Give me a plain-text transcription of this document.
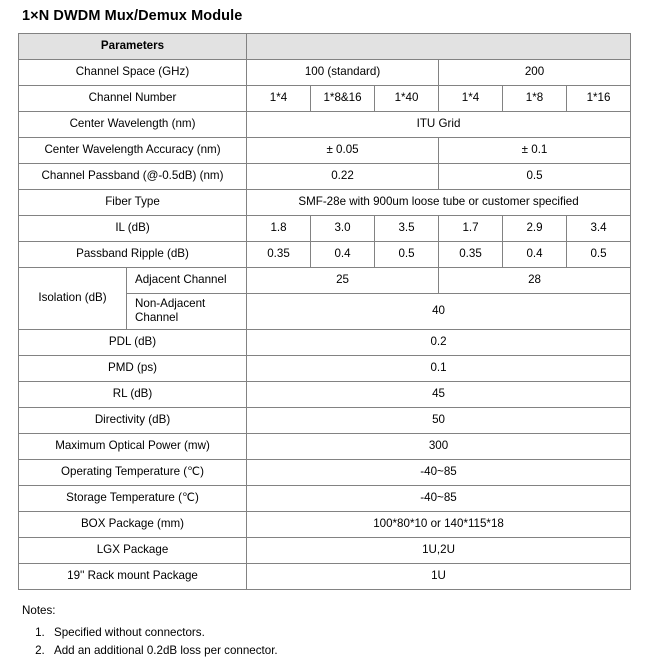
1×N DWDM Mux/Demux Module
Parameters							
Channel Space (GHz)		100 (standard)			200		
Channel Number		1*4	1*8&16	1*40	1*4	1*8	1*16
Center Wavelength (nm)		ITU Grid					
Center Wavelength Accuracy (nm)		± 0.05			± 0.1		
Channel Passband (@-0.5dB) (nm)		0.22			0.5		
Fiber Type		SMF-28e with 900um loose tube or customer specified					
IL (dB)		1.8	3.0	3.5	1.7	2.9	3.4
Passband Ripple (dB)		0.35	0.4	0.5	0.35	0.4	0.5
Isolation (dB)	Adjacent Channel	25			28		
	Non-Adjacent Channel	40					
PDL (dB)		0.2					
PMD (ps)		0.1					
RL (dB)		45					
Directivity (dB)		50					
Maximum Optical Power (mw)		300					
Operating Temperature (℃)		-40~85					
Storage Temperature (℃)		-40~85					
BOX Package (mm)		100*80*10 or 140*115*18					
LGX Package		1U,2U					
19'' Rack mount Package		1U					
Notes:
1. Specified without connectors.
2. Add an additional 0.2dB loss per connector.
